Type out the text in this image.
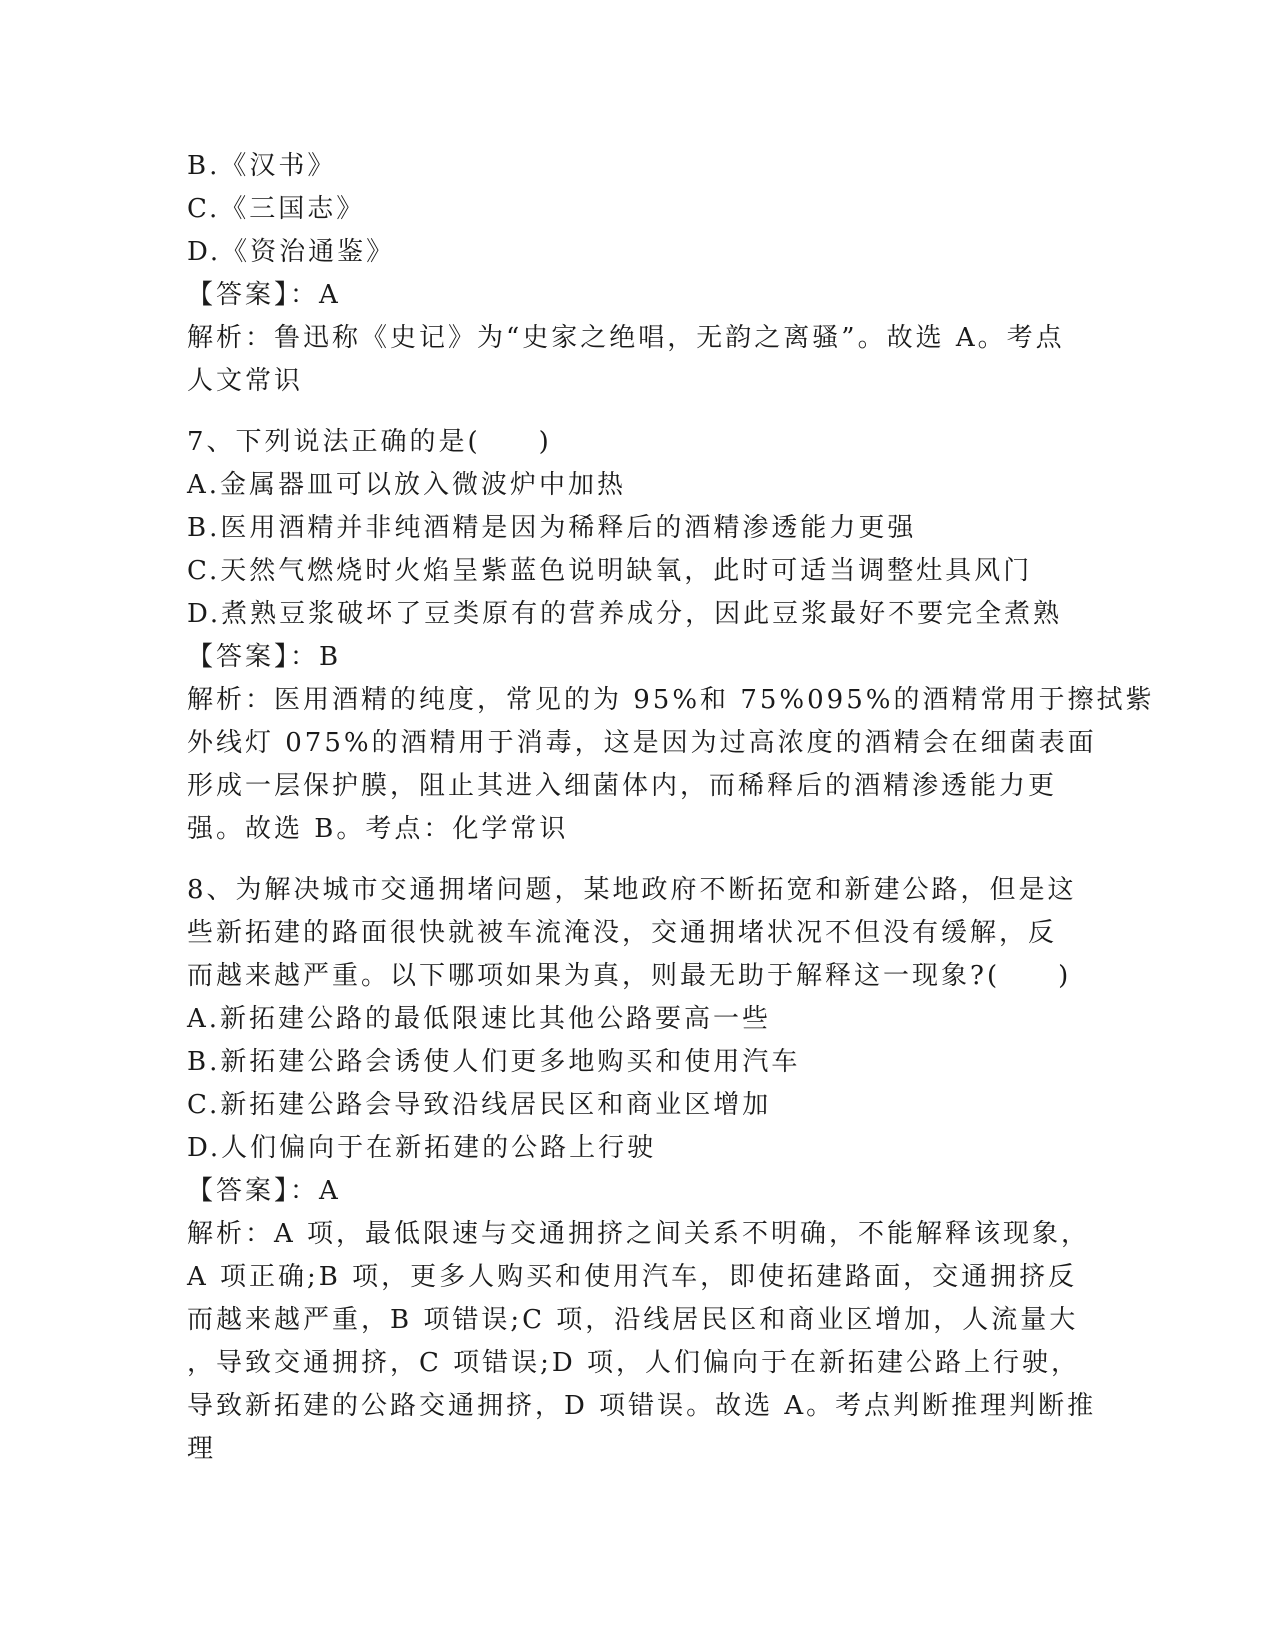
B.《汉书》
C.《三国志》
D.《资治通鉴》
【答案】：A
解析：鲁迅称《史记》为“史家之绝唱，无韵之离骚”。故选 A。考点
人文常识
7、下列说法正确的是(　　)
A.金属器皿可以放入微波炉中加热
B.医用酒精并非纯酒精是因为稀释后的酒精渗透能力更强
C.天然气燃烧时火焰呈紫蓝色说明缺氧，此时可适当调整灶具风门
D.煮熟豆浆破坏了豆类原有的营养成分，因此豆浆最好不要完全煮熟
【答案】：B
解析：医用酒精的纯度，常见的为 95%和 75%095%的酒精常用于擦拭紫
外线灯 075%的酒精用于消毒，这是因为过高浓度的酒精会在细菌表面
形成一层保护膜，阻止其进入细菌体内，而稀释后的酒精渗透能力更
强。故选 B。考点：化学常识
8、为解决城市交通拥堵问题，某地政府不断拓宽和新建公路，但是这
些新拓建的路面很快就被车流淹没，交通拥堵状况不但没有缓解，反
而越来越严重。以下哪项如果为真，则最无助于解释这一现象?(　　)
A.新拓建公路的最低限速比其他公路要高一些
B.新拓建公路会诱使人们更多地购买和使用汽车
C.新拓建公路会导致沿线居民区和商业区增加
D.人们偏向于在新拓建的公路上行驶
【答案】：A
解析：A 项，最低限速与交通拥挤之间关系不明确，不能解释该现象，
A 项正确;B 项，更多人购买和使用汽车，即使拓建路面，交通拥挤反
而越来越严重，B 项错误;C 项，沿线居民区和商业区增加，人流量大
，导致交通拥挤，C 项错误;D 项，人们偏向于在新拓建公路上行驶，
导致新拓建的公路交通拥挤，D 项错误。故选 A。考点判断推理判断推
理
